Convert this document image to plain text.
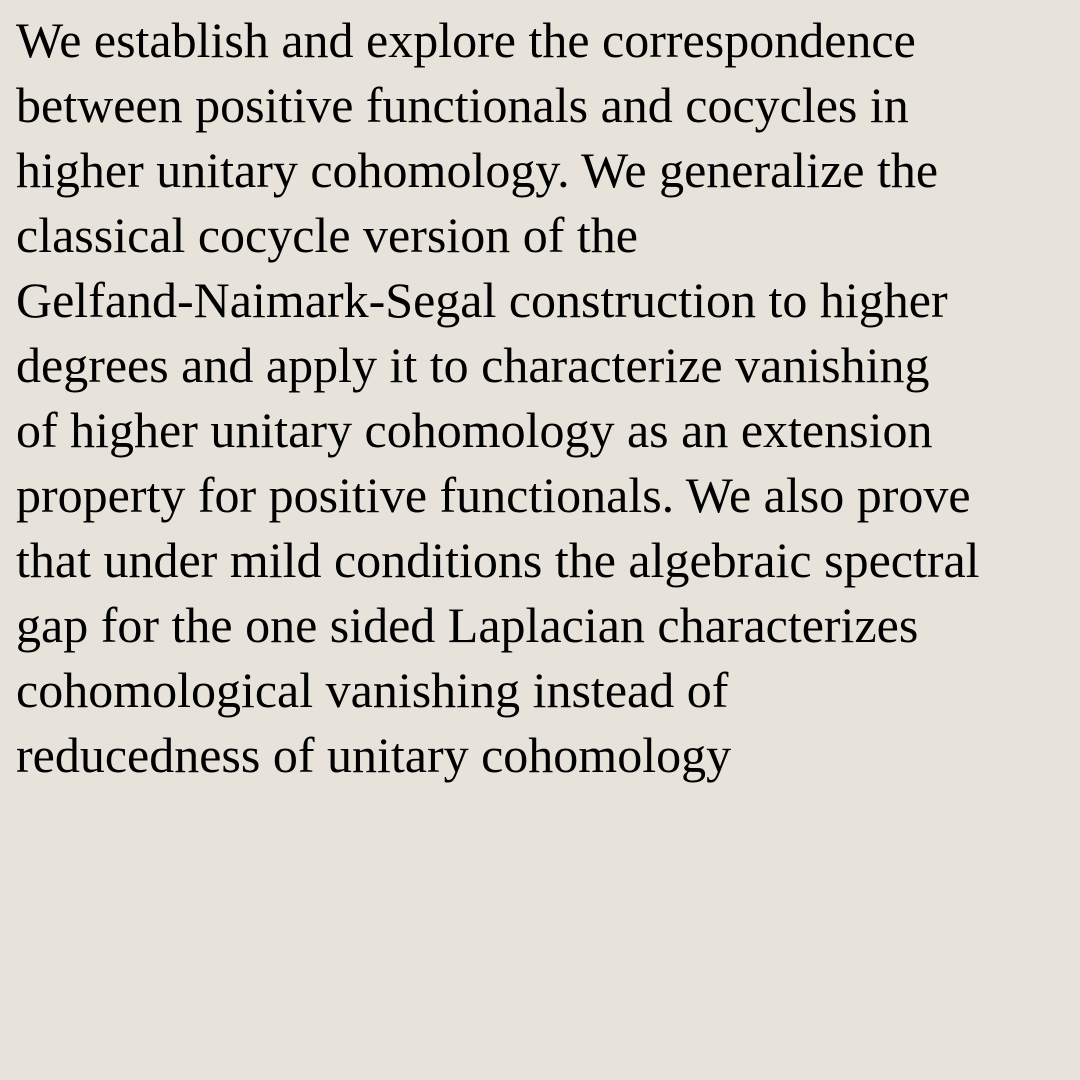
We establish and explore the correspondence
between positive functionals and cocycles in
higher unitary cohomology. We generalize the
classical cocycle version of the
Gelfand-Naimark-Segal construction to higher
degrees and apply it to characterize vanishing
of higher unitary cohomology as an extension
property for positive functionals. We also prove
that under mild conditions the algebraic spectral
gap for the one sided Laplacian characterizes
cohomological vanishing instead of
reducedness of unitary cohomology
